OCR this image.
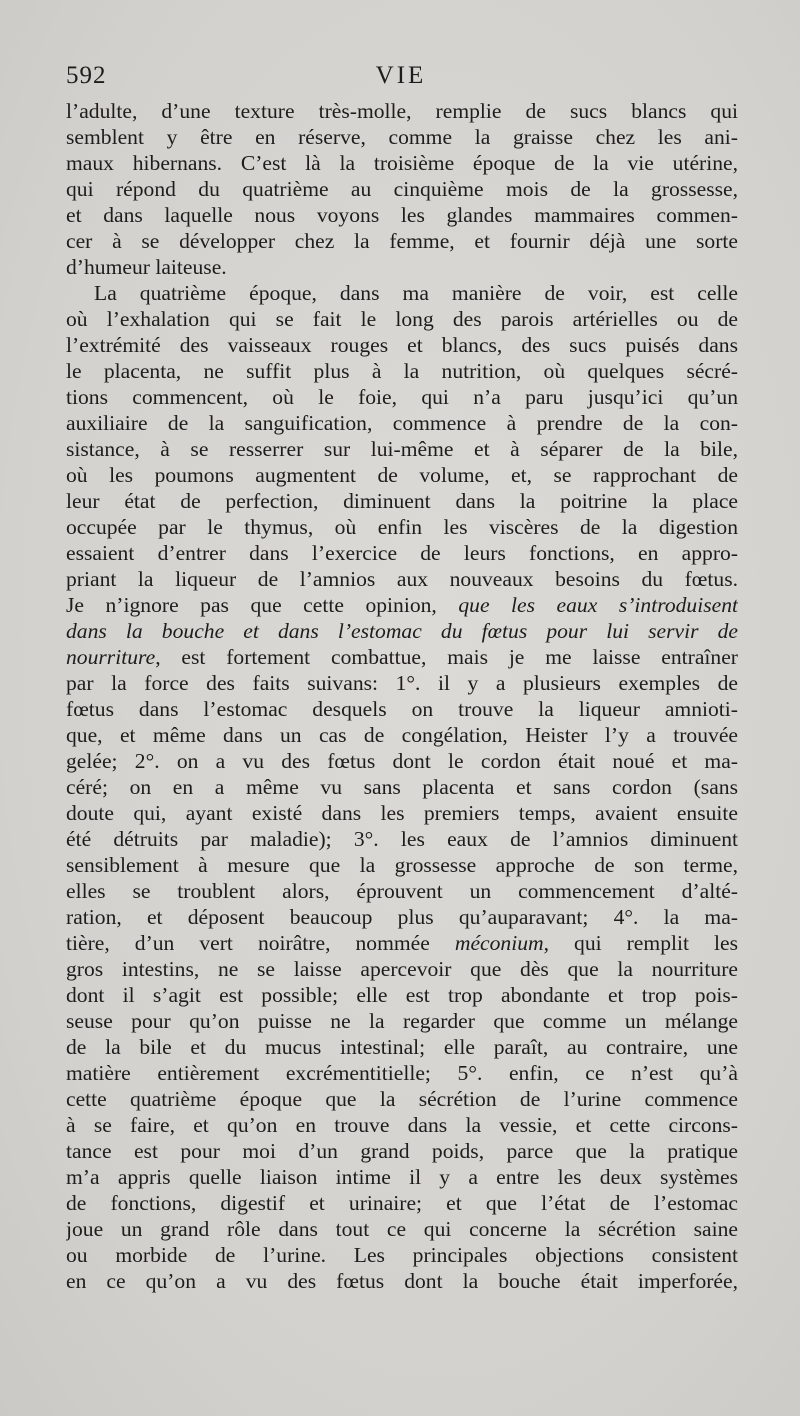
592	VIE
l’adulte, d’une texture très-molle, remplie de sucs blancs qui
semblent y être en réserve, comme la graisse chez les ani-
maux hibernans. C’est là la troisième époque de la vie utérine,
qui répond du quatrième au cinquième mois de la grossesse,
et dans laquelle nous voyons les glandes mammaires commen-
cer à se développer chez la femme, et fournir déjà une sorte
d’humeur laiteuse.
La quatrième époque, dans ma manière de voir, est celle
où l’exhalation qui se fait le long des parois artérielles ou de
l’extrémité des vaisseaux rouges et blancs, des sucs puisés dans
le placenta, ne suffit plus à la nutrition, où quelques sécré-
tions commencent, où le foie, qui n’a paru jusqu’ici qu’un
auxiliaire de la sanguification, commence à prendre de la con-
sistance, à se resserrer sur lui-même et à séparer de la bile,
où les poumons augmentent de volume, et, se rapprochant de
leur état de perfection, diminuent dans la poitrine la place
occupée par le thymus, où enfin les viscères de la digestion
essaient d’entrer dans l’exercice de leurs fonctions, en appro-
priant la liqueur de l’amnios aux nouveaux besoins du fœtus.
Je n’ignore pas que cette opinion, que les eaux s’introduisent
dans la bouche et dans l’estomac du fœtus pour lui servir de
nourriture, est fortement combattue, mais je me laisse entraîner
par la force des faits suivans: 1°. il y a plusieurs exemples de
fœtus dans l’estomac desquels on trouve la liqueur amnioti-
que, et même dans un cas de congélation, Heister l’y a trouvée
gelée; 2°. on a vu des fœtus dont le cordon était noué et ma-
céré; on en a même vu sans placenta et sans cordon (sans
doute qui, ayant existé dans les premiers temps, avaient ensuite
été détruits par maladie); 3°. les eaux de l’amnios diminuent
sensiblement à mesure que la grossesse approche de son terme,
elles se troublent alors, éprouvent un commencement d’alté-
ration, et déposent beaucoup plus qu’auparavant; 4°. la ma-
tière, d’un vert noirâtre, nommée méconium, qui remplit les
gros intestins, ne se laisse apercevoir que dès que la nourriture
dont il s’agit est possible; elle est trop abondante et trop pois-
seuse pour qu’on puisse ne la regarder que comme un mélange
de la bile et du mucus intestinal; elle paraît, au contraire, une
matière entièrement excrémentitielle; 5°. enfin, ce n’est qu’à
cette quatrième époque que la sécrétion de l’urine commence
à se faire, et qu’on en trouve dans la vessie, et cette circons-
tance est pour moi d’un grand poids, parce que la pratique
m’a appris quelle liaison intime il y a entre les deux systèmes
de fonctions, digestif et urinaire; et que l’état de l’estomac
joue un grand rôle dans tout ce qui concerne la sécrétion saine
ou morbide de l’urine. Les principales objections consistent
en ce qu’on a vu des fœtus dont la bouche était imperforée,
